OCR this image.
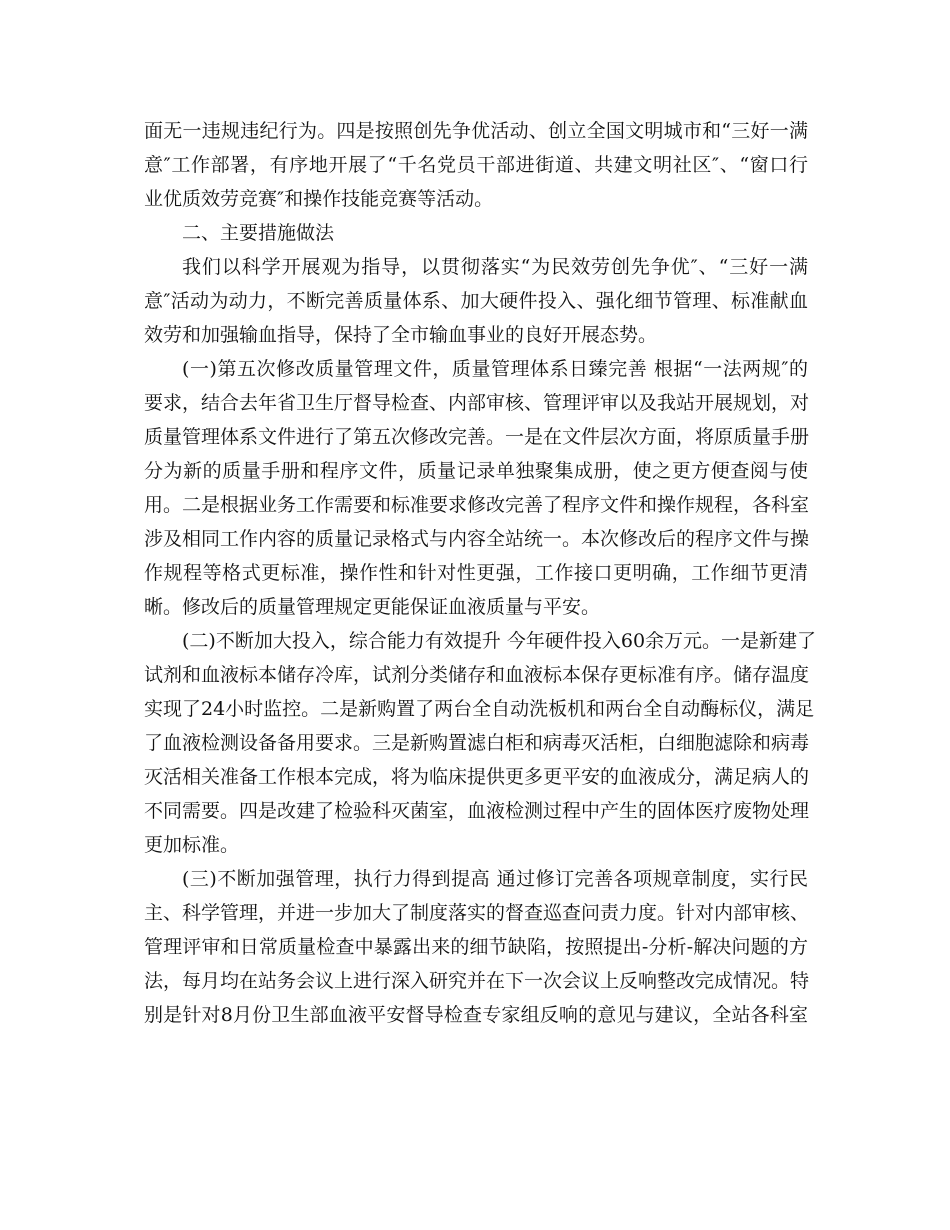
面无一违规违纪行为。四是按照创先争优活动、创立全国文明城市和“三好一满
意″工作部署，有序地开展了“千名党员干部进街道、共建文明社区″、“窗口行
业优质效劳竞赛″和操作技能竞赛等活动。
二、主要措施做法
我们以科学开展观为指导，以贯彻落实“为民效劳创先争优″、“三好一满
意″活动为动力，不断完善质量体系、加大硬件投入、强化细节管理、标准献血
效劳和加强输血指导，保持了全市输血事业的良好开展态势。
(一)第五次修改质量管理文件，质量管理体系日臻完善 根据“一法两规″的
要求，结合去年省卫生厅督导检查、内部审核、管理评审以及我站开展规划，对
质量管理体系文件进行了第五次修改完善。一是在文件层次方面，将原质量手册
分为新的质量手册和程序文件，质量记录单独聚集成册，使之更方便查阅与使
用。二是根据业务工作需要和标准要求修改完善了程序文件和操作规程，各科室
涉及相同工作内容的质量记录格式与内容全站统一。本次修改后的程序文件与操
作规程等格式更标准，操作性和针对性更强，工作接口更明确，工作细节更清
晰。修改后的质量管理规定更能保证血液质量与平安。
(二)不断加大投入，综合能力有效提升 今年硬件投入60余万元。一是新建了
试剂和血液标本储存冷库，试剂分类储存和血液标本保存更标准有序。储存温度
实现了24小时监控。二是新购置了两台全自动洗板机和两台全自动酶标仪，满足
了血液检测设备备用要求。三是新购置滤白柜和病毒灭活柜，白细胞滤除和病毒
灭活相关准备工作根本完成，将为临床提供更多更平安的血液成分，满足病人的
不同需要。四是改建了检验科灭菌室，血液检测过程中产生的固体医疗废物处理
更加标准。
(三)不断加强管理，执行力得到提高 通过修订完善各项规章制度，实行民
主、科学管理，并进一步加大了制度落实的督查巡查问责力度。针对内部审核、
管理评审和日常质量检查中暴露出来的细节缺陷，按照提出-分析-解决问题的方
法，每月均在站务会议上进行深入研究并在下一次会议上反响整改完成情况。特
别是针对8月份卫生部血液平安督导检查专家组反响的意见与建议，全站各科室
